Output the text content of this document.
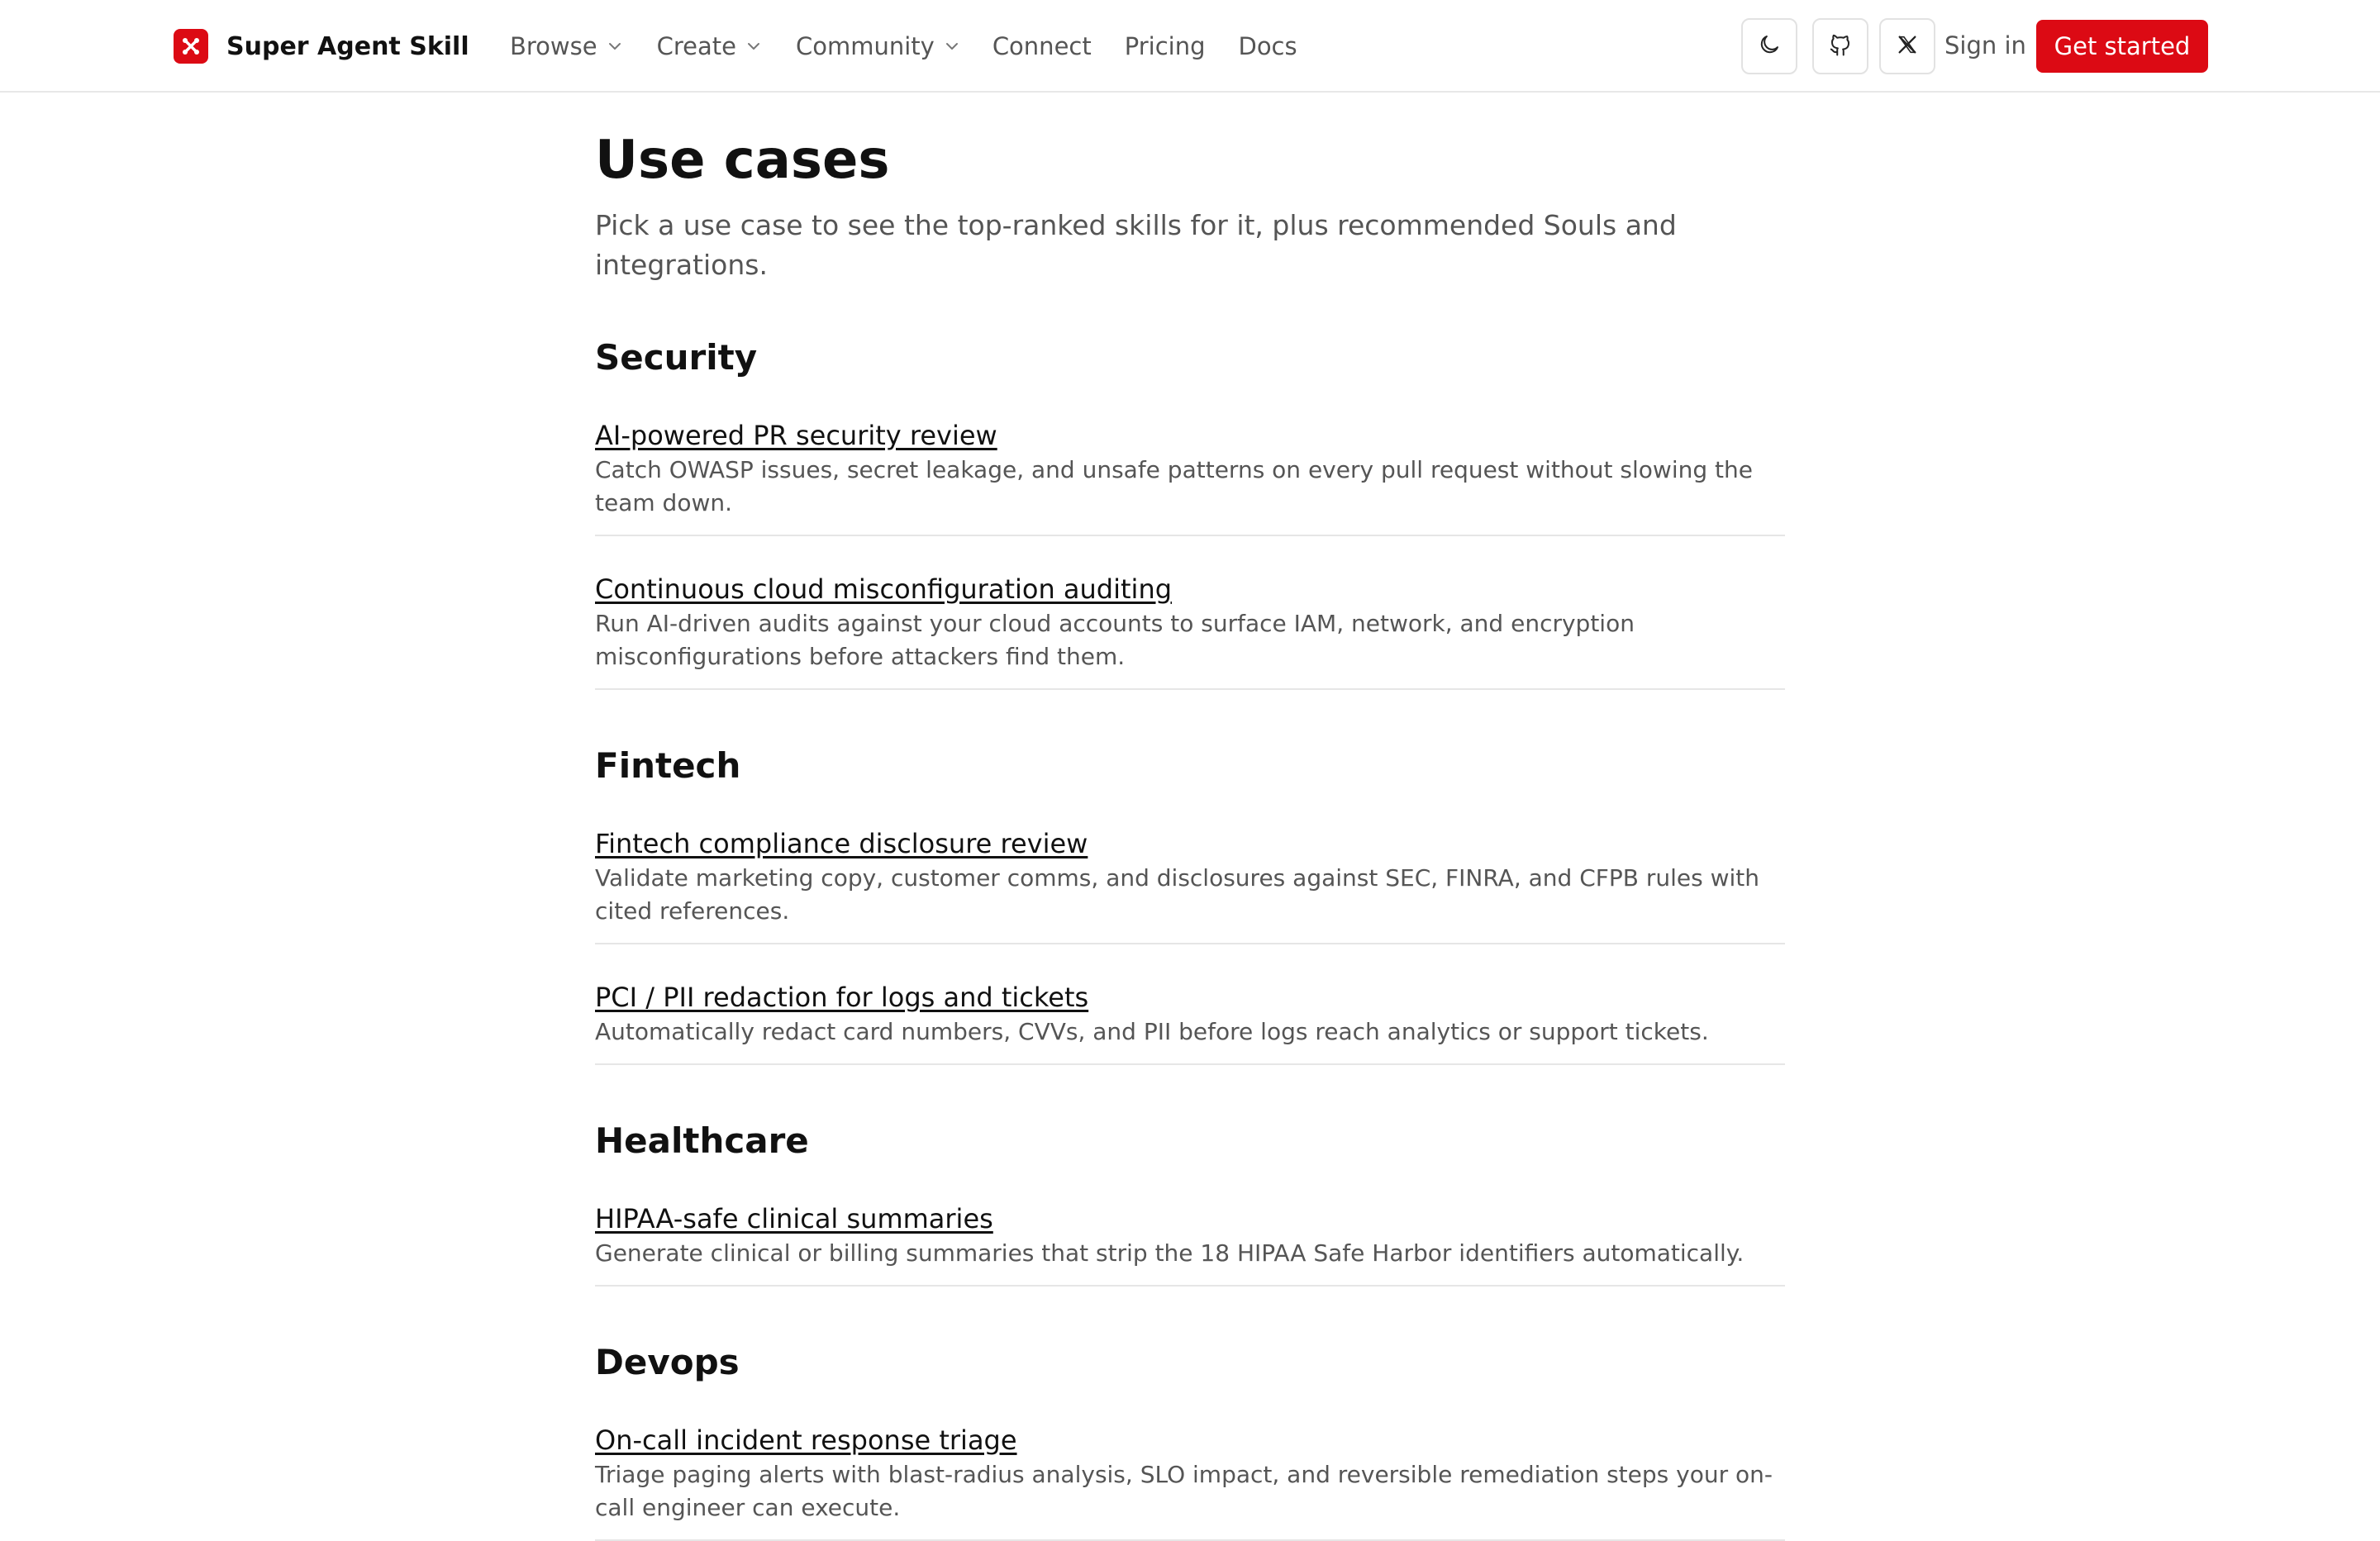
Super Agent Skill Browse Create Community Connect Pricing Docs	Sign in	Get started
Use cases

Pick a use case to see the top-ranked skills for it, plus recommended Souls and integrations.

Security
AI-powered PR security review
Catch OWASP issues, secret leakage, and unsafe patterns on every pull request without slowing the team down.
Continuous cloud misconfiguration auditing
Run AI-driven audits against your cloud accounts to surface IAM, network, and encryption misconfigurations before attackers find them.
Fintech
Fintech compliance disclosure review
Validate marketing copy, customer comms, and disclosures against SEC, FINRA, and CFPB rules with cited references.
PCI / PII redaction for logs and tickets
Automatically redact card numbers, CVVs, and PII before logs reach analytics or support tickets.
Healthcare
HIPAA-safe clinical summaries
Generate clinical or billing summaries that strip the 18 HIPAA Safe Harbor identifiers automatically.
Devops
On-call incident response triage
Triage paging alerts with blast-radius analysis, SLO impact, and reversible remediation steps your on-call engineer can execute.
